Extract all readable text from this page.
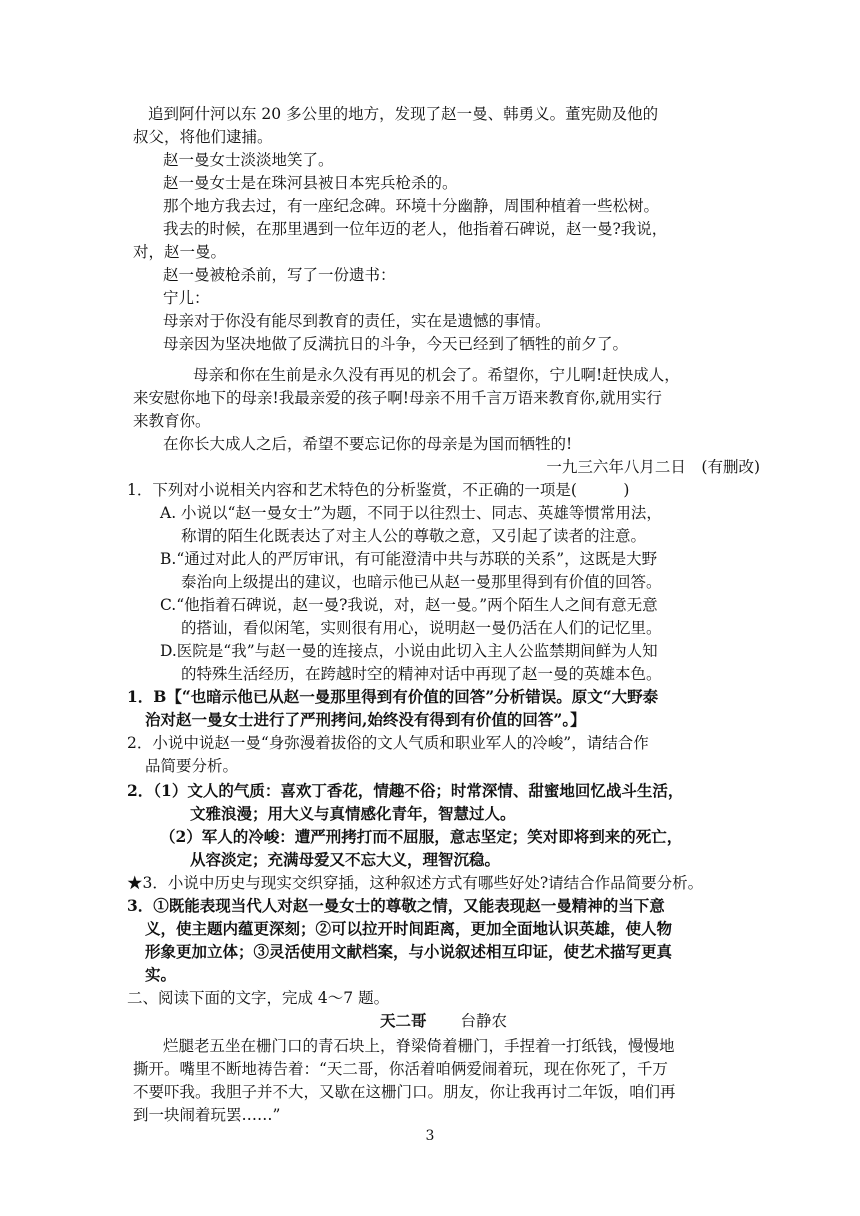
追到阿什河以东 20 多公里的地方，发现了赵一曼、韩勇义。董宪勋及他的
叔父，将他们逮捕。
赵一曼女士淡淡地笑了。
赵一曼女士是在珠河县被日本宪兵枪杀的。
那个地方我去过，有一座纪念碑。环境十分幽静，周围种植着一些松树。
我去的时候，在那里遇到一位年迈的老人，他指着石碑说，赵一曼?我说，
对，赵一曼。
赵一曼被枪杀前，写了一份遗书：
宁儿：
母亲对于你没有能尽到教育的责任，实在是遗憾的事情。
母亲因为坚决地做了反满抗日的斗争，今天已经到了牺牲的前夕了。
母亲和你在生前是永久没有再见的机会了。希望你，宁儿啊!赶快成人，
来安慰你地下的母亲!我最亲爱的孩子啊!母亲不用千言万语来教育你,就用实行
来教育你。
在你长大成人之后，希望不要忘记你的母亲是为国而牺牲的!
一九三六年八月二日　(有删改)
1．下列对小说相关内容和艺术特色的分析鉴赏，不正确的一项是(　　　)
A. 小说以“赵一曼女士”为题，不同于以往烈士、同志、英雄等惯常用法，
称谓的陌生化既表达了对主人公的尊敬之意，又引起了读者的注意。
B.“通过对此人的严厉审讯，有可能澄清中共与苏联的关系”，这既是大野
泰治向上级提出的建议，也暗示他已从赵一曼那里得到有价值的回答。
C.“他指着石碑说，赵一曼?我说，对，赵一曼。”两个陌生人之间有意无意
的搭讪，看似闲笔，实则很有用心，说明赵一曼仍活在人们的记忆里。
D.医院是“我”与赵一曼的连接点，小说由此切入主人公监禁期间鲜为人知
的特殊生活经历，在跨越时空的精神对话中再现了赵一曼的英雄本色。
1．B【“也暗示他已从赵一曼那里得到有价值的回答”分析错误。原文“大野泰
治对赵一曼女士进行了严刑拷问,始终没有得到有价值的回答”。】
2．小说中说赵一曼“身弥漫着拔俗的文人气质和职业军人的冷峻”，请结合作
品简要分析。
2．（1）文人的气质：喜欢丁香花，情趣不俗；时常深情、甜蜜地回忆战斗生活，
文雅浪漫；用大义与真情感化青年，智慧过人。
（2）军人的冷峻：遭严刑拷打而不屈服，意志坚定；笑对即将到来的死亡，
从容淡定；充满母爱又不忘大义，理智沉稳。
★3．小说中历史与现实交织穿插，这种叙述方式有哪些好处?请结合作品简要分析。
3．①既能表现当代人对赵一曼女士的尊敬之情，又能表现赵一曼精神的当下意
义，使主题内蕴更深刻；②可以拉开时间距离，更加全面地认识英雄，使人物
形象更加立体；③灵活使用文献档案，与小说叙述相互印证，使艺术描写更真
实。
二、阅读下面的文字，完成 4～7 题。
天二哥 台静农
烂腿老五坐在栅门口的青石块上，脊梁倚着栅门，手捏着一打纸钱，慢慢地
撕开。嘴里不断地祷告着：“天二哥，你活着咱俩爱闹着玩，现在你死了，千万
不要吓我。我胆子并不大，又歇在这栅门口。朋友，你让我再讨二年饭，咱们再
到一块闹着玩罢……”
3
